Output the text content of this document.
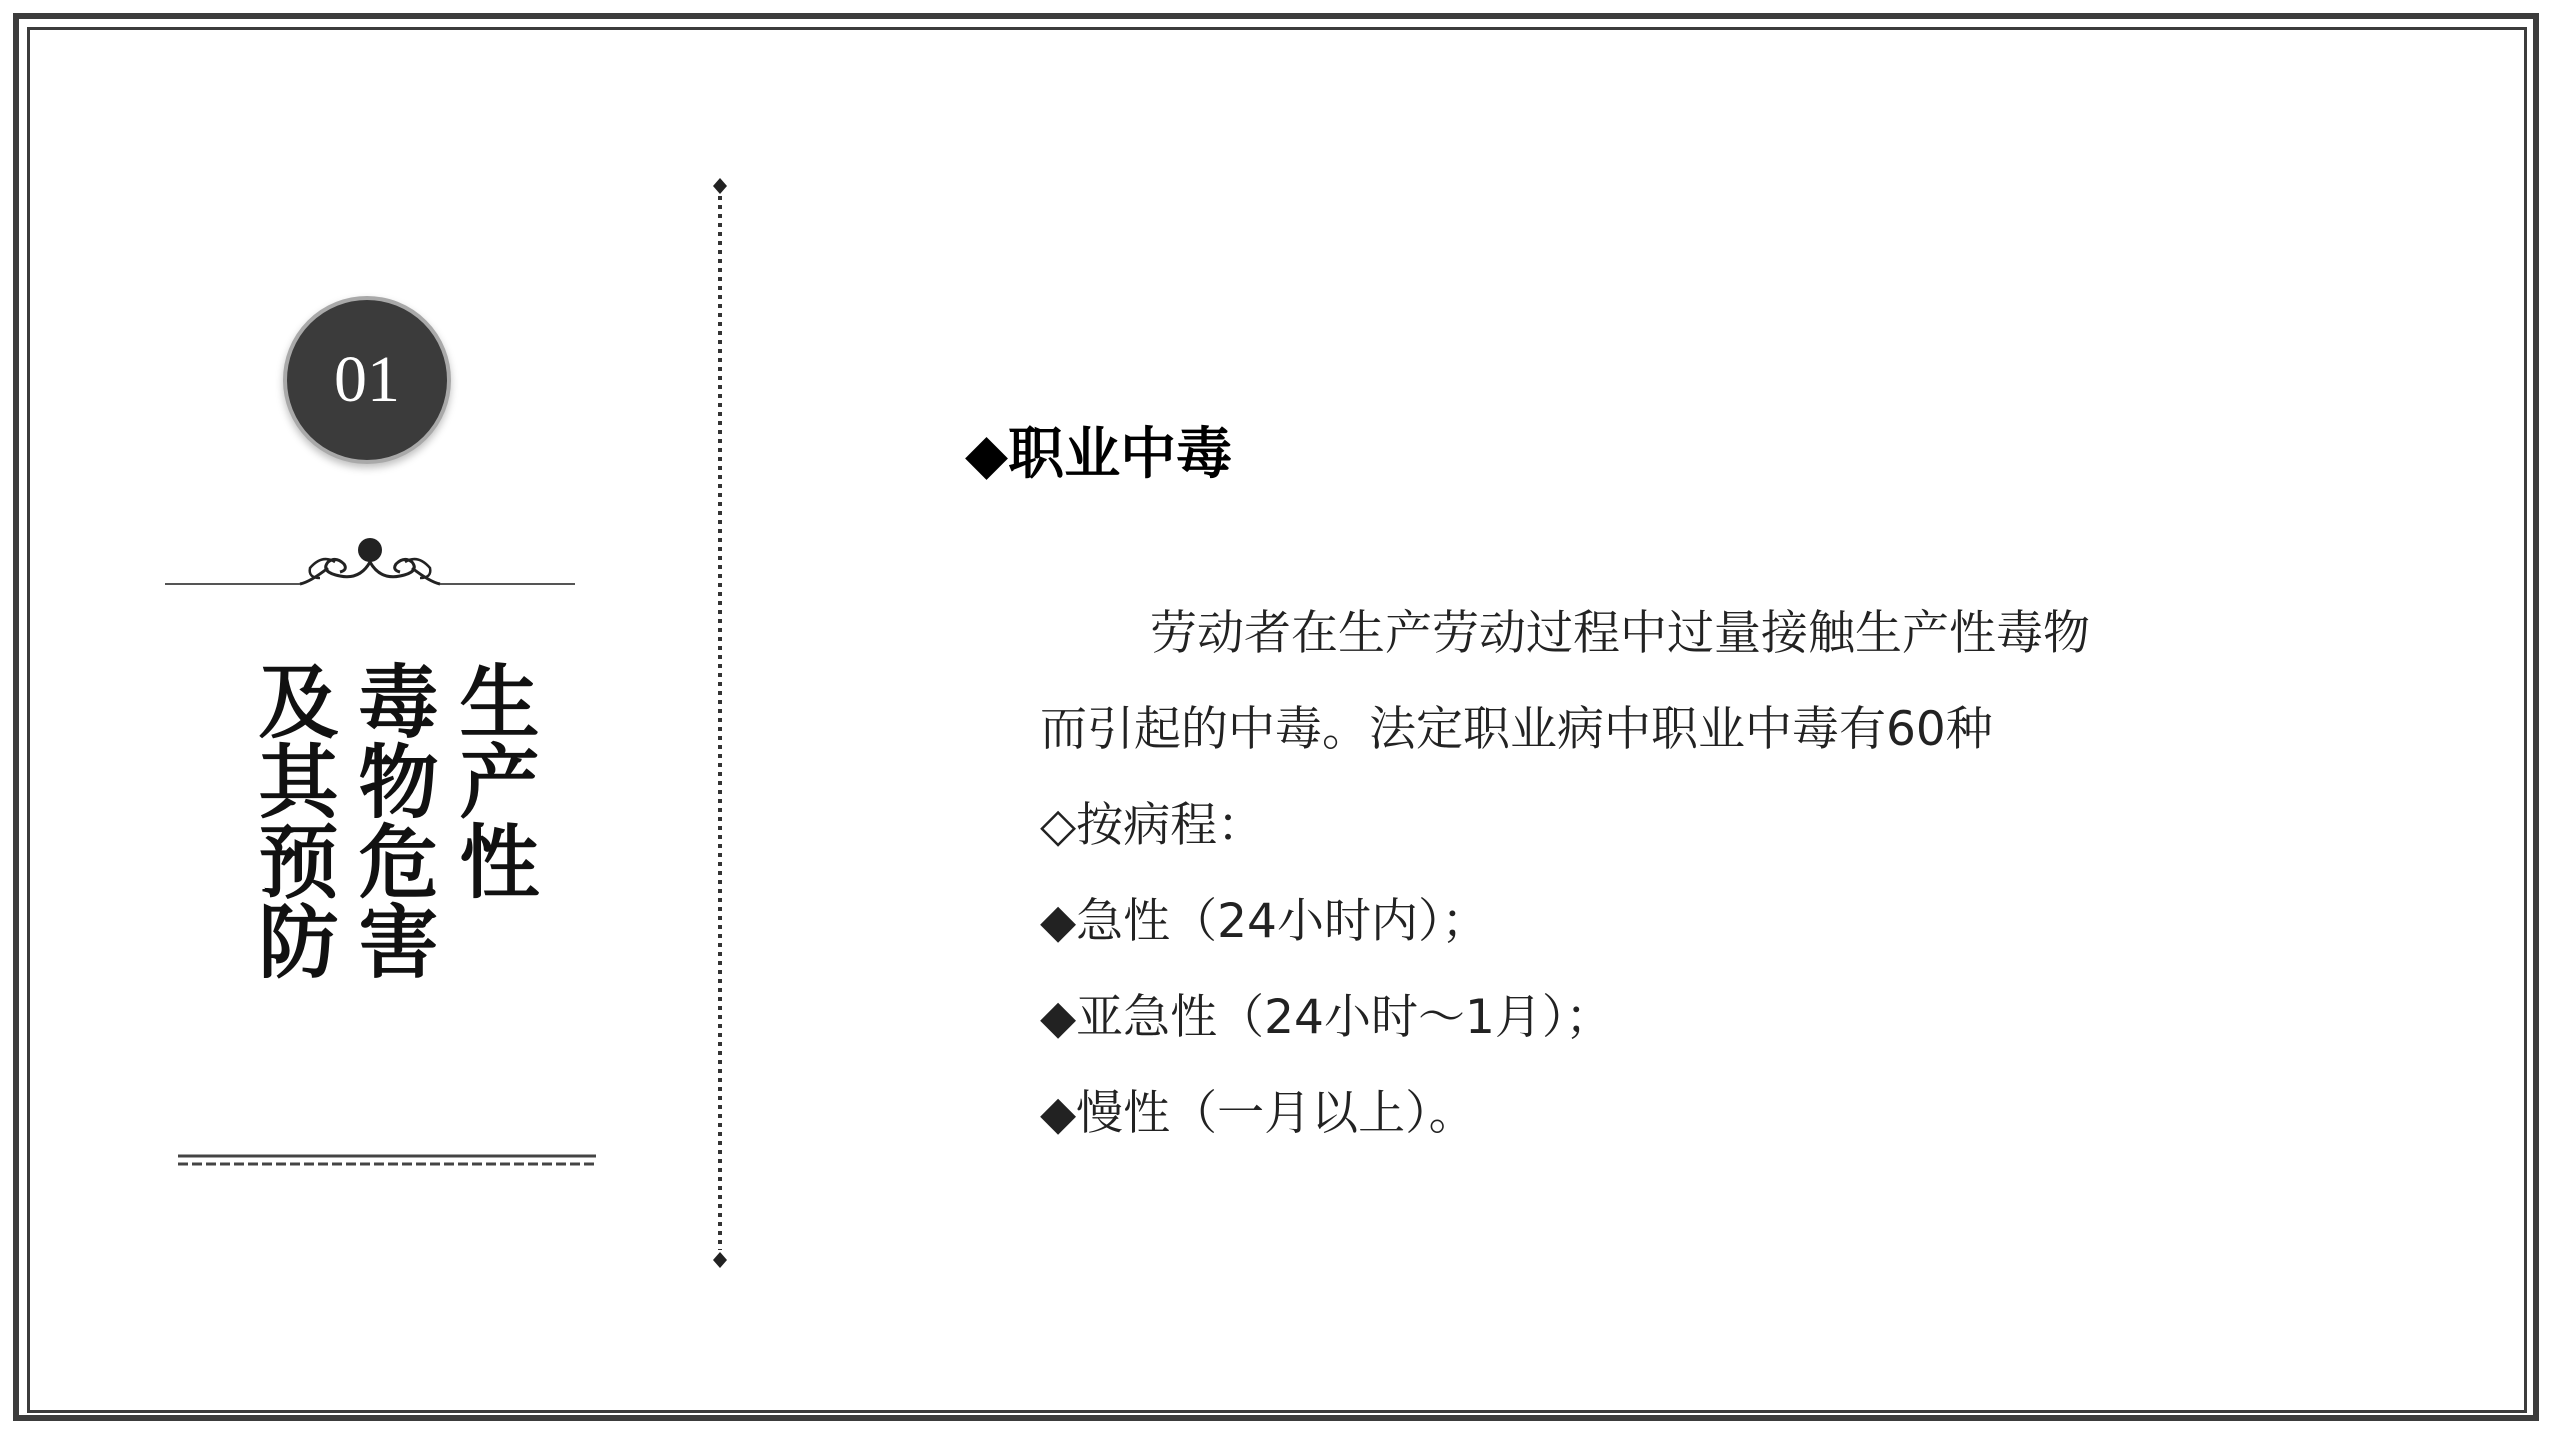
01
生产性
毒物危害
及其预防
◆职业中毒
劳动者在生产劳动过程中过量接触生产性毒物
而引起的中毒。法定职业病中职业中毒有60种
◇按病程：
◆急性（24小时内）；
◆亚急性（24小时～1月）；
◆慢性（一月以上）。
